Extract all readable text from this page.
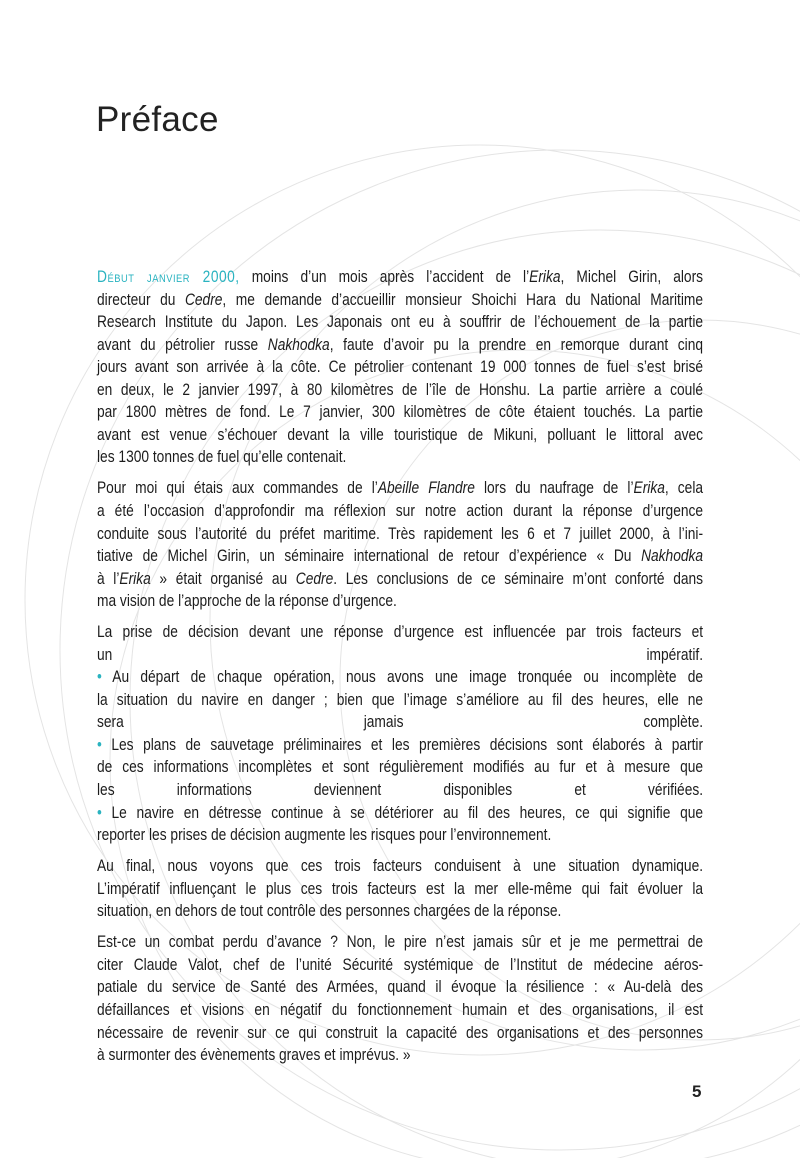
Préface
Début janvier 2000, moins d’un mois après l’accident de l’Erika, Michel Girin, alors
directeur du Cedre, me demande d’accueillir monsieur Shoichi Hara du National Maritime
Research Institute du Japon. Les Japonais ont eu à souffrir de l’échouement de la partie
avant du pétrolier russe Nakhodka, faute d’avoir pu la prendre en remorque durant cinq
jours avant son arrivée à la côte. Ce pétrolier contenant 19 000 tonnes de fuel s’est brisé
en deux, le 2 janvier 1997, à 80 kilomètres de l’île de Honshu. La partie arrière a coulé
par 1800 mètres de fond. Le 7 janvier, 300 kilomètres de côte étaient touchés. La partie
avant est venue s’échouer devant la ville touristique de Mikuni, polluant le littoral avec
les 1300 tonnes de fuel qu’elle contenait.
Pour moi qui étais aux commandes de l’Abeille Flandre lors du naufrage de l’Erika, cela
a été l’occasion d’approfondir ma réflexion sur notre action durant la réponse d’urgence
conduite sous l’autorité du préfet maritime. Très rapidement les 6 et 7 juillet 2000, à l’ini-
tiative de Michel Girin, un séminaire international de retour d’expérience « Du Nakhodka
à l’Erika » était organisé au Cedre. Les conclusions de ce séminaire m’ont conforté dans
ma vision de l’approche de la réponse d’urgence.
La prise de décision devant une réponse d’urgence est influencée par trois facteurs et
un impératif.
• Au départ de chaque opération, nous avons une image tronquée ou incomplète de
la situation du navire en danger ; bien que l’image s’améliore au fil des heures, elle ne
sera jamais complète.
• Les plans de sauvetage préliminaires et les premières décisions sont élaborés à partir
de ces informations incomplètes et sont régulièrement modifiés au fur et à mesure que
les informations deviennent disponibles et vérifiées.
• Le navire en détresse continue à se détériorer au fil des heures, ce qui signifie que
reporter les prises de décision augmente les risques pour l’environnement.
Au final, nous voyons que ces trois facteurs conduisent à une situation dynamique.
L’impératif influençant le plus ces trois facteurs est la mer elle-même qui fait évoluer la
situation, en dehors de tout contrôle des personnes chargées de la réponse.
Est-ce un combat perdu d’avance ? Non, le pire n’est jamais sûr et je me permettrai de
citer Claude Valot, chef de l’unité Sécurité systémique de l’Institut de médecine aéros-
patiale du service de Santé des Armées, quand il évoque la résilience : « Au-delà des
défaillances et visions en négatif du fonctionnement humain et des organisations, il est
nécessaire de revenir sur ce qui construit la capacité des organisations et des personnes
à surmonter des évènements graves et imprévus. »
5
